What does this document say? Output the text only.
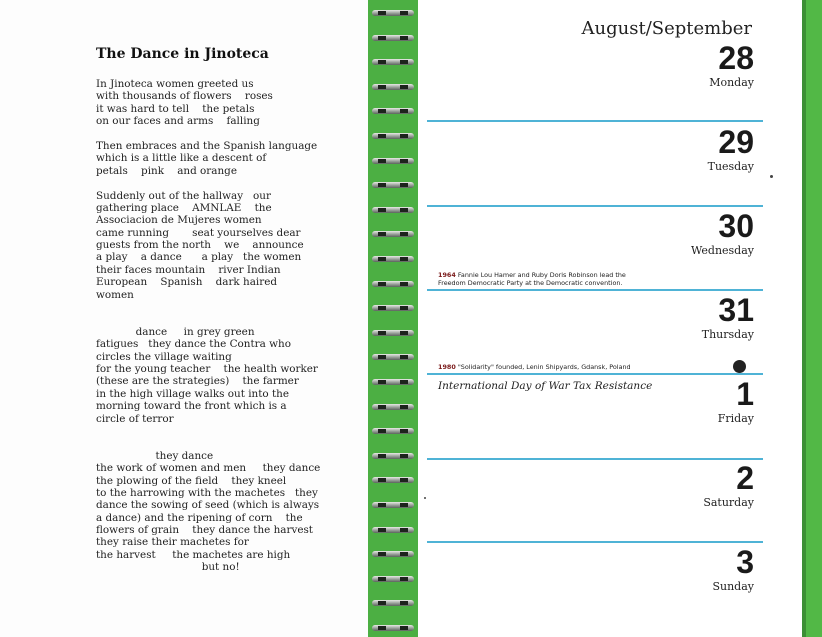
The Dance in Jinoteca
In Jinoteca women greeted us
with thousands of flowers    roses
it was hard to tell    the petals
on our faces and arms    falling
Then embraces and the Spanish language
which is a little like a descent of
petals    pink    and orange
Suddenly out of the hallway   our
gathering place    AMNLAE    the
Associacion de Mujeres women
came running       seat yourselves dear
guests from the north    we    announce
a play    a dance      a play   the women
their faces mountain    river Indian
European    Spanish    dark haired
women
dance     in grey green
fatigues   they dance the Contra who
circles the village waiting
for the young teacher    the health worker
(these are the strategies)    the farmer
in the high village walks out into the
morning toward the front which is a
circle of terror
they dance
the work of women and men     they dance
the plowing of the field    they kneel
to the harrowing with the machetes   they
dance the sowing of seed (which is always
a dance) and the ripening of corn    the
flowers of grain    they dance the harvest
they raise their machetes for
the harvest     the machetes are high
but no!
August/September
28
Monday
29
Tuesday
30
Wednesday
1964 Fannie Lou Hamer and Ruby Doris Robinson lead the
Freedom Democratic Party at the Democratic convention.
31
Thursday
1980 "Solidarity" founded, Lenin Shipyards, Gdansk, Poland
International Day of War Tax Resistance	1
Friday
2
Saturday
3
Sunday
